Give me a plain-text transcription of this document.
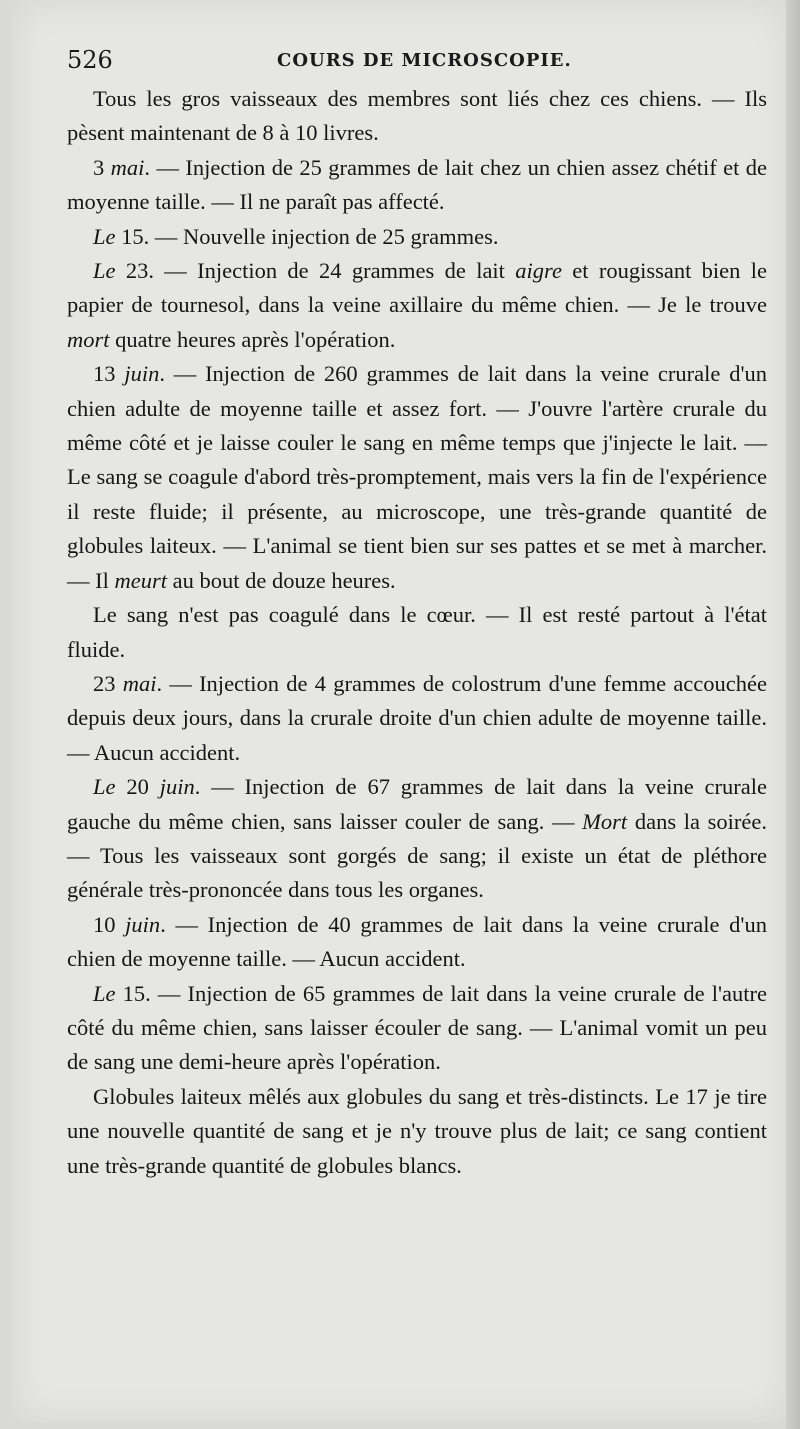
526	COURS DE MICROSCOPIE.

Tous les gros vaisseaux des membres sont liés chez ces chiens. — Ils pèsent maintenant de 8 à 10 livres.

3 mai. — Injection de 25 grammes de lait chez un chien assez chétif et de moyenne taille. — Il ne paraît pas affecté.

Le 15. — Nouvelle injection de 25 grammes.

Le 23. — Injection de 24 grammes de lait aigre et rougissant bien le papier de tournesol, dans la veine axillaire du même chien. — Je le trouve mort quatre heures après l'opération.

13 juin. — Injection de 260 grammes de lait dans la veine crurale d'un chien adulte de moyenne taille et assez fort. — J'ouvre l'artère crurale du même côté et je laisse couler le sang en même temps que j'injecte le lait. — Le sang se coagule d'abord très-promptement, mais vers la fin de l'expérience il reste fluide; il présente, au microscope, une très-grande quantité de globules laiteux. — L'animal se tient bien sur ses pattes et se met à marcher. — Il meurt au bout de douze heures.

Le sang n'est pas coagulé dans le cœur. — Il est resté partout à l'état fluide.

23 mai. — Injection de 4 grammes de colostrum d'une femme accouchée depuis deux jours, dans la crurale droite d'un chien adulte de moyenne taille. — Aucun accident.

Le 20 juin. — Injection de 67 grammes de lait dans la veine crurale gauche du même chien, sans laisser couler de sang. — Mort dans la soirée. — Tous les vaisseaux sont gorgés de sang; il existe un état de pléthore générale très-prononcée dans tous les organes.

10 juin. — Injection de 40 grammes de lait dans la veine crurale d'un chien de moyenne taille. — Aucun accident.

Le 15. — Injection de 65 grammes de lait dans la veine crurale de l'autre côté du même chien, sans laisser écouler de sang. — L'animal vomit un peu de sang une demi-heure après l'opération.

Globules laiteux mêlés aux globules du sang et très-distincts. Le 17 je tire une nouvelle quantité de sang et je n'y trouve plus de lait; ce sang contient une très-grande quantité de globules blancs.
